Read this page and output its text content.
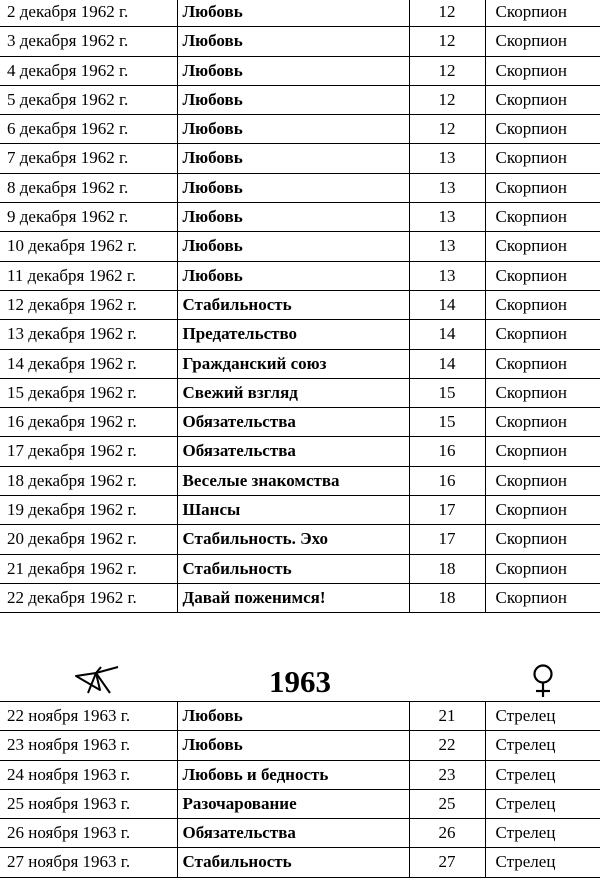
2 декабря 1962 г.	Любовь	12	Скорпион
3 декабря 1962 г.	Любовь	12	Скорпион
4 декабря 1962 г.	Любовь	12	Скорпион
5 декабря 1962 г.	Любовь	12	Скорпион
6 декабря 1962 г.	Любовь	12	Скорпион
7 декабря 1962 г.	Любовь	13	Скорпион
8 декабря 1962 г.	Любовь	13	Скорпион
9 декабря 1962 г.	Любовь	13	Скорпион
10 декабря 1962 г.	Любовь	13	Скорпион
11 декабря 1962 г.	Любовь	13	Скорпион
12 декабря 1962 г.	Стабильность	14	Скорпион
13 декабря 1962 г.	Предательство	14	Скорпион
14 декабря 1962 г.	Гражданский союз	14	Скорпион
15 декабря 1962 г.	Свежий взгляд	15	Скорпион
16 декабря 1962 г.	Обязательства	15	Скорпион
17 декабря 1962 г.	Обязательства	16	Скорпион
18 декабря 1962 г.	Веселые знакомства	16	Скорпион
19 декабря 1962 г.	Шансы	17	Скорпион
20 декабря 1962 г.	Стабильность. Эхо	17	Скорпион
21 декабря 1962 г.	Стабильность	18	Скорпион
22 декабря 1962 г.	Давай поженимся!	18	Скорпион
1963
22 ноября 1963 г.	Любовь	21	Стрелец
23 ноября 1963 г.	Любовь	22	Стрелец
24 ноября 1963 г.	Любовь и бедность	23	Стрелец
25 ноября 1963 г.	Разочарование	25	Стрелец
26 ноября 1963 г.	Обязательства	26	Стрелец
27 ноября 1963 г.	Стабильность	27	Стрелец
